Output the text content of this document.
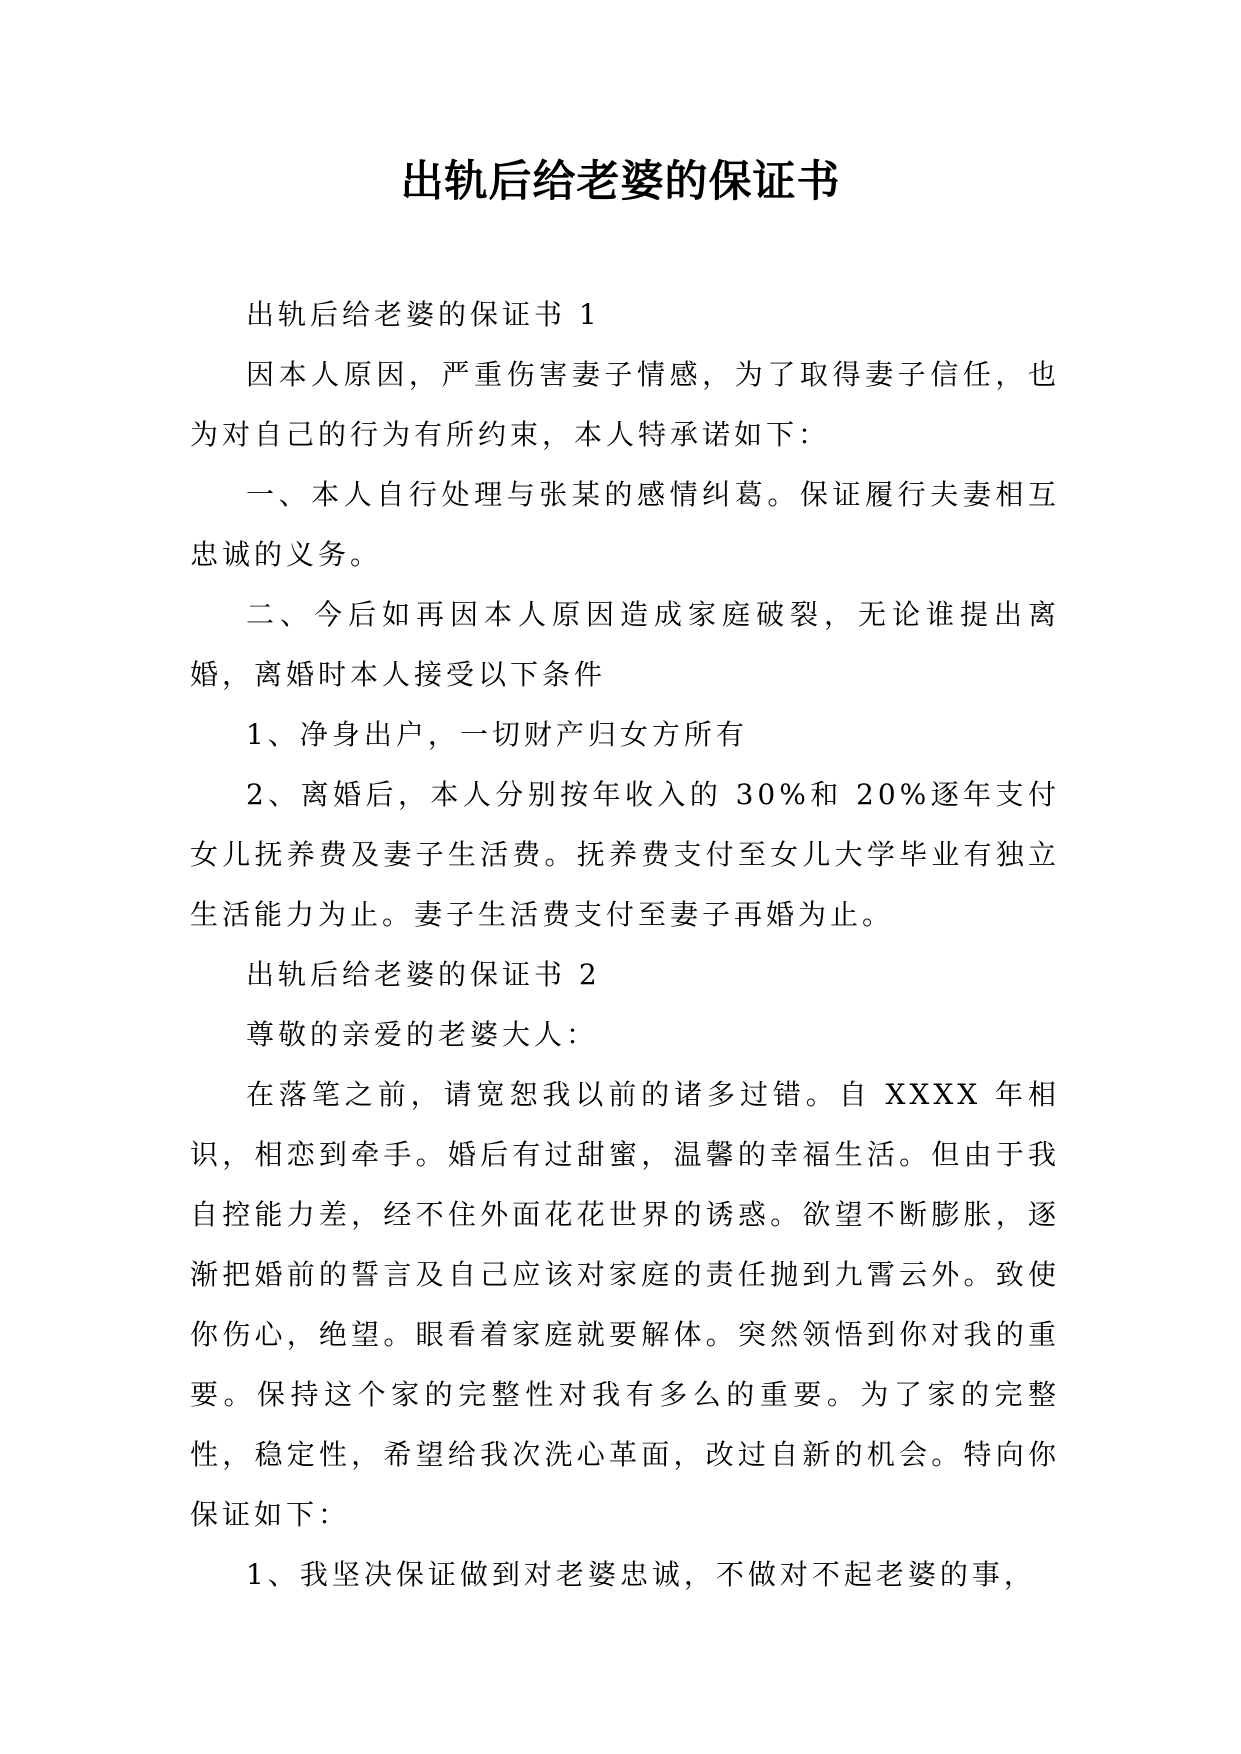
出轨后给老婆的保证书

出轨后给老婆的保证书 1

因本人原因，严重伤害妻子情感，为了取得妻子信任，也为对自己的行为有所约束，本人特承诺如下：

一、本人自行处理与张某的感情纠葛。保证履行夫妻相互忠诚的义务。

二、今后如再因本人原因造成家庭破裂，无论谁提出离婚，离婚时本人接受以下条件

1、净身出户，一切财产归女方所有

2、离婚后，本人分别按年收入的 30%和 20%逐年支付女儿抚养费及妻子生活费。抚养费支付至女儿大学毕业有独立生活能力为止。妻子生活费支付至妻子再婚为止。

出轨后给老婆的保证书 2

尊敬的亲爱的老婆大人：

在落笔之前，请宽恕我以前的诸多过错。自 XXXX 年相识，相恋到牵手。婚后有过甜蜜，温馨的幸福生活。但由于我自控能力差，经不住外面花花世界的诱惑。欲望不断膨胀，逐渐把婚前的誓言及自己应该对家庭的责任抛到九霄云外。致使你伤心，绝望。眼看着家庭就要解体。突然领悟到你对我的重要。保持这个家的完整性对我有多么的重要。为了家的完整性，稳定性，希望给我次洗心革面，改过自新的机会。特向你保证如下：

1、我坚决保证做到对老婆忠诚，不做对不起老婆的事，
